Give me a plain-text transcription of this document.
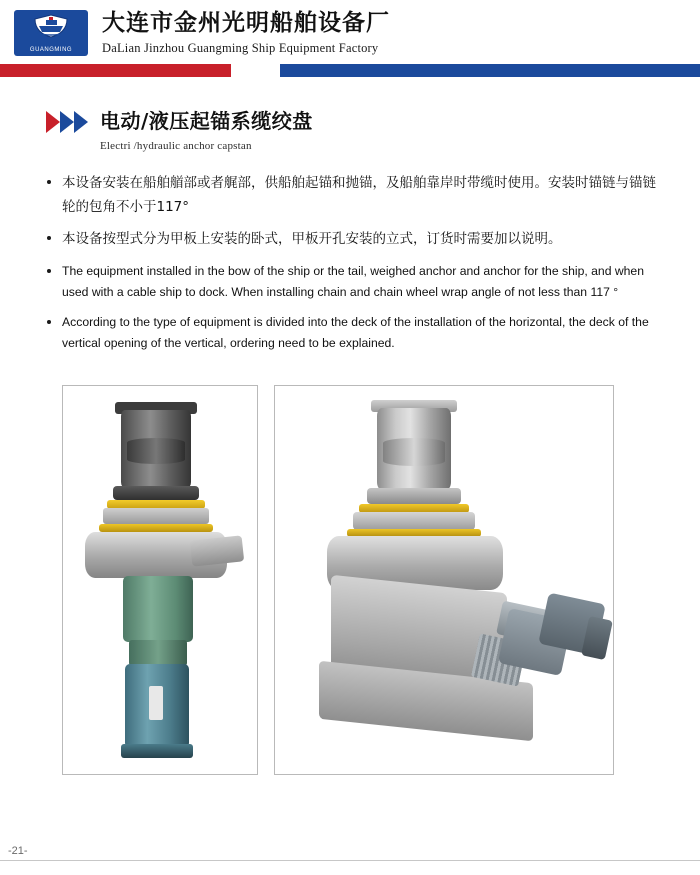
GUANGMING
大连市金州光明船舶设备厂
DaLian Jinzhou Guangming Ship Equipment Factory
电动/液压起锚系缆绞盘
Electri /hydraulic anchor capstan
本设备安装在船舶艏部或者艉部，供船舶起锚和抛锚，及船舶靠岸时带缆时使用。安装时锚链与锚链轮的包角不小于117°
本设备按型式分为甲板上安装的卧式，甲板开孔安装的立式，订货时需要加以说明。
The equipment installed in the bow of the ship or the tail, weighed anchor and anchor for the ship, and when used with a cable ship to dock. When installing chain and chain wheel wrap angle of not less than 117 °
According to the type of equipment is divided into the deck of the installation of the horizontal, the deck of the vertical opening of the vertical, ordering need to be explained.
-21-
